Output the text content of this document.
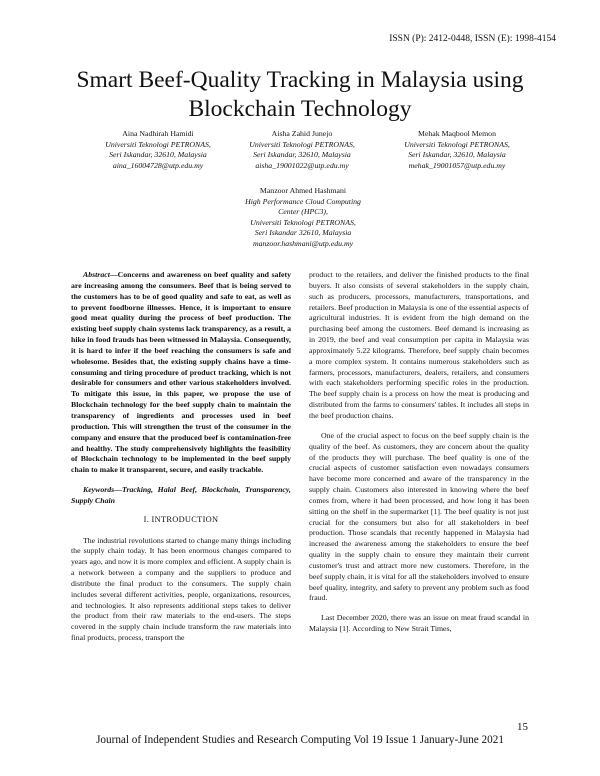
ISSN (P): 2412-0448, ISSN (E): 1998-4154
Smart Beef-Quality Tracking in Malaysia using
Blockchain Technology
Aina Nadhirah Hamidi
Universiti Teknologi PETRONAS,
Seri Iskandar, 32610, Malaysia
aina_16004728@utp.edu.my
Aisha Zahid Junejo
Universiti Teknologi PETRONAS,
Seri Iskandar, 32610, Malaysia
aisha_19001022@utp.edu.my
Mehak Maqbool Memon
Universiti Teknologi PETRONAS,
Seri Iskandar, 32610, Malaysia
mehak_19001057@utp.edu.my
Manzoor Ahmed Hashmani
High Performance Cloud Computing
Center (HPC3),
Universiti Teknologi PETRONAS,
Seri Iskandar 32610, Malaysia
manzoor.hashmani@utp.edu.my

Abstract—Concerns and awareness on beef quality and safety are increasing among the consumers. Beef that is being served to the customers has to be of good quality and safe to eat, as well as to prevent foodborne illnesses. Hence, it is important to ensure good meat quality during the process of beef production. The existing beef supply chain systems lack transparency, as a result, a hike in food frauds has been witnessed in Malaysia. Consequently, it is hard to infer if the beef reaching the consumers is safe and wholesome. Besides that, the existing supply chains have a time-consuming and tiring procedure of product tracking, which is not desirable for consumers and other various stakeholders involved. To mitigate this issue, in this paper, we propose the use of Blockchain technology for the beef supply chain to maintain the transparency of ingredients and processes used in beef production. This will strengthen the trust of the consumer in the company and ensure that the produced beef is contamination-free and healthy. The study comprehensively highlights the feasibility of Blockchain technology to be implemented in the beef supply chain to make it transparent, secure, and easily trackable.

Keywords—Tracking, Halal Beef, Blockchain, Transparency, Supply Chain

I. INTRODUCTION

The industrial revolutions started to change many things including the supply chain today. It has been enormous changes compared to years ago, and now it is more complex and efficient. A supply chain is a network between a company and the suppliers to produce and distribute the final product to the consumers. The supply chain includes several different activities, people, organizations, resources, and technologies. It also represents additional steps takes to deliver the product from their raw materials to the end-users. The steps covered in the supply chain include transform the raw materials into final products, process, transport the

product to the retailers, and deliver the finished products to the final buyers. It also consists of several stakeholders in the supply chain, such as producers, processors, manufacturers, transportations, and retailers. Beef production in Malaysia is one of the essential aspects of agricultural industries. It is evident from the high demand on the purchasing beef among the customers. Beef demand is increasing as in 2019, the beef and veal consumption per capita in Malaysia was approximately 5.22 kilograms. Therefore, beef supply chain becomes a more complex system. It contains numerous stakeholders such as farmers, processors, manufacturers, dealers, retailers, and consumers with each stakeholders performing specific roles in the production. The beef supply chain is a process on how the meat is producing and distributed from the farms to consumers' tables. It includes all steps in the beef production chains.

One of the crucial aspect to focus on the beef supply chain is the quality of the beef. As customers, they are concern about the quality of the products they will purchase. The beef quality is one of the crucial aspects of customer satisfaction even nowadays consumers have become more concerned and aware of the transparency in the supply chain. Customers also interested in knowing where the beef comes from, where it had been processed, and how long it has been sitting on the shelf in the supermarket [1]. The beef quality is not just crucial for the consumers but also for all stakeholders in beef production. Those scandals that recently happened in Malaysia had increased the awareness among the stakeholders to ensure the beef quality in the supply chain to ensure they maintain their current customer's trust and attract more new customers. Therefore, in the beef supply chain, it is vital for all the stakeholders involved to ensure beef quality, integrity, and safety to prevent any problem such as food fraud.

Last December 2020, there was an issue on meat fraud scandal in Malaysia [1]. According to New Strait Times,

15
Journal of Independent Studies and Research Computing Vol 19 Issue 1 January-June 2021
